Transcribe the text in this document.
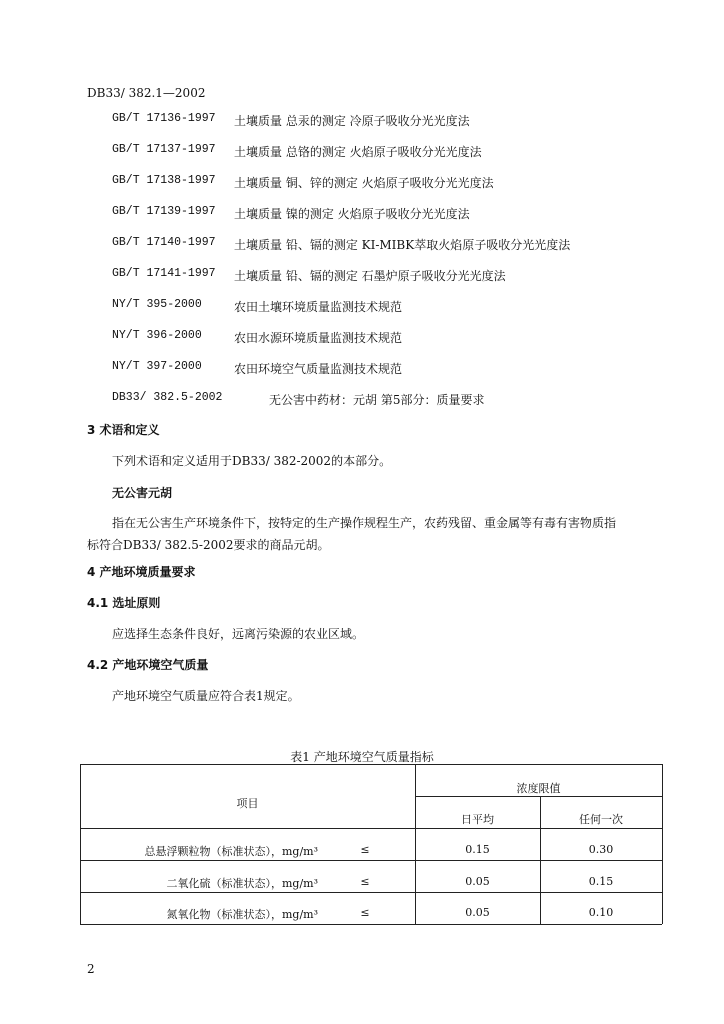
DB33/ 382.1—2002
GB/T 17136-1997 土壤质量 总汞的测定 冷原子吸收分光光度法
GB/T 17137-1997 土壤质量 总铬的测定 火焰原子吸收分光光度法
GB/T 17138-1997 土壤质量 铜、锌的测定 火焰原子吸收分光光度法
GB/T 17139-1997 土壤质量 镍的测定 火焰原子吸收分光光度法
GB/T 17140-1997 土壤质量 铅、镉的测定 KI-MIBK萃取火焰原子吸收分光光度法
GB/T 17141-1997 土壤质量 铅、镉的测定 石墨炉原子吸收分光光度法
NY/T 395-2000	农田土壤环境质量监测技术规范
NY/T 396-2000	农田水源环境质量监测技术规范
NY/T 397-2000	农田环境空气质量监测技术规范
DB33/ 382.5-2002	无公害中药材：元胡 第5部分：质量要求
3 术语和定义
下列术语和定义适用于DB33/ 382-2002的本部分。
无公害元胡
指在无公害生产环境条件下，按特定的生产操作规程生产，农药残留、重金属等有毒有害物质指
标符合DB33/ 382.5-2002要求的商品元胡。
4 产地环境质量要求
4.1 选址原则
应选择生态条件良好，远离污染源的农业区域。
4.2 产地环境空气质量
产地环境空气质量应符合表1规定。
表1 产地环境空气质量指标
项目
浓度限值
日平均	任何一次
总悬浮颗粒物（标准状态），mg/m³	≤	0.15	0.30
二氧化硫（标准状态），mg/m³	≤	0.05	0.15
氮氧化物（标准状态），mg/m³	≤	0.05	0.10
2
